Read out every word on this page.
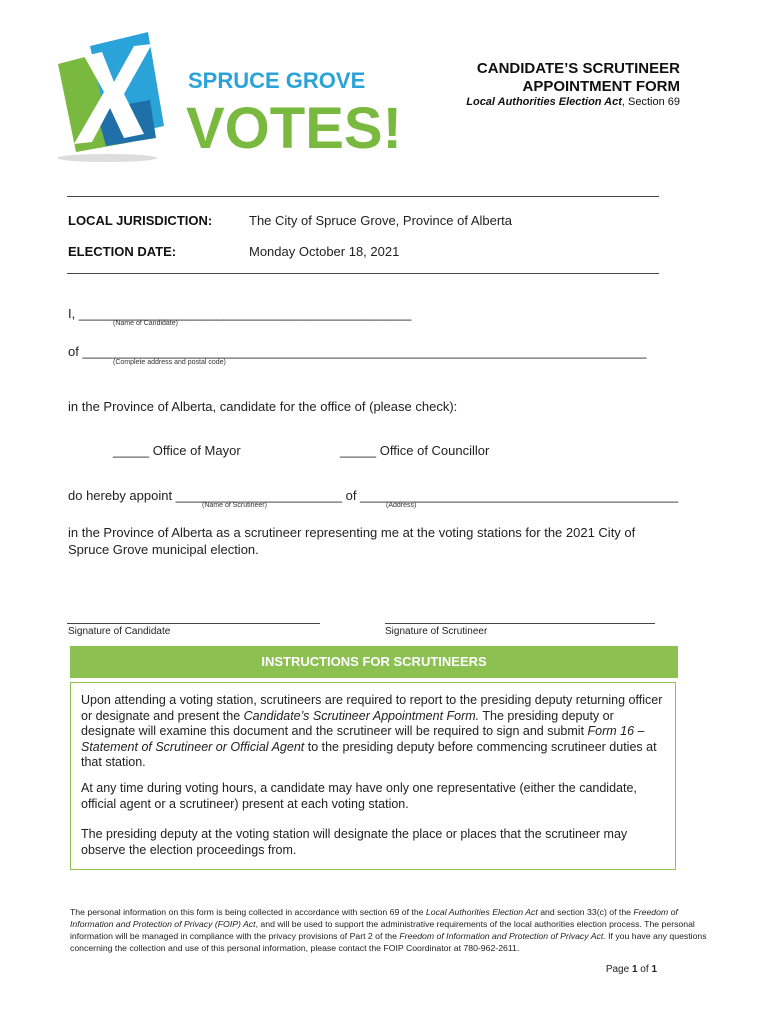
SPRUCE GROVE
VOTES!
CANDIDATE’S SCRUTINEER
APPOINTMENT FORM
Local Authorities Election Act, Section 69
LOCAL JURISDICTION:	The City of Spruce Grove, Province of Alberta
ELECTION DATE:	Monday October 18, 2021
I, ______________________________________________
(Name of Candidate)
of ______________________________________________________________________________
(Complete address and postal code)
in the Province of Alberta, candidate for the office of (please check):
_____ Office of Mayor	_____ Office of Councillor
do hereby appoint _______________________ of ____________________________________________
(Name of Scrutineer)	(Address)
in the Province of Alberta as a scrutineer representing me at the voting stations for the 2021 City of
Spruce Grove municipal election.
Signature of Candidate	Signature of Scrutineer
INSTRUCTIONS FOR SCRUTINEERS

Upon attending a voting station, scrutineers are required to report to the presiding deputy returning officer or designate and present the Candidate’s Scrutineer Appointment Form. The presiding deputy or designate will examine this document and the scrutineer will be required to sign and submit Form 16 – Statement of Scrutineer or Official Agent to the presiding deputy before commencing scrutineer duties at that station.

At any time during voting hours, a candidate may have only one representative (either the candidate, official agent or a scrutineer) present at each voting station.

The presiding deputy at the voting station will designate the place or places that the scrutineer may observe the election proceedings from.

The personal information on this form is being collected in accordance with section 69 of the Local Authorities Election Act and section 33(c) of the Freedom of Information and Protection of Privacy (FOIP) Act, and will be used to support the administrative requirements of the local authorities election process. The personal information will be managed in compliance with the privacy provisions of Part 2 of the Freedom of Information and Protection of Privacy Act. If you have any questions concerning the collection and use of this personal information, please contact the FOIP Coordinator at 780-962-2611.
Page 1 of 1
